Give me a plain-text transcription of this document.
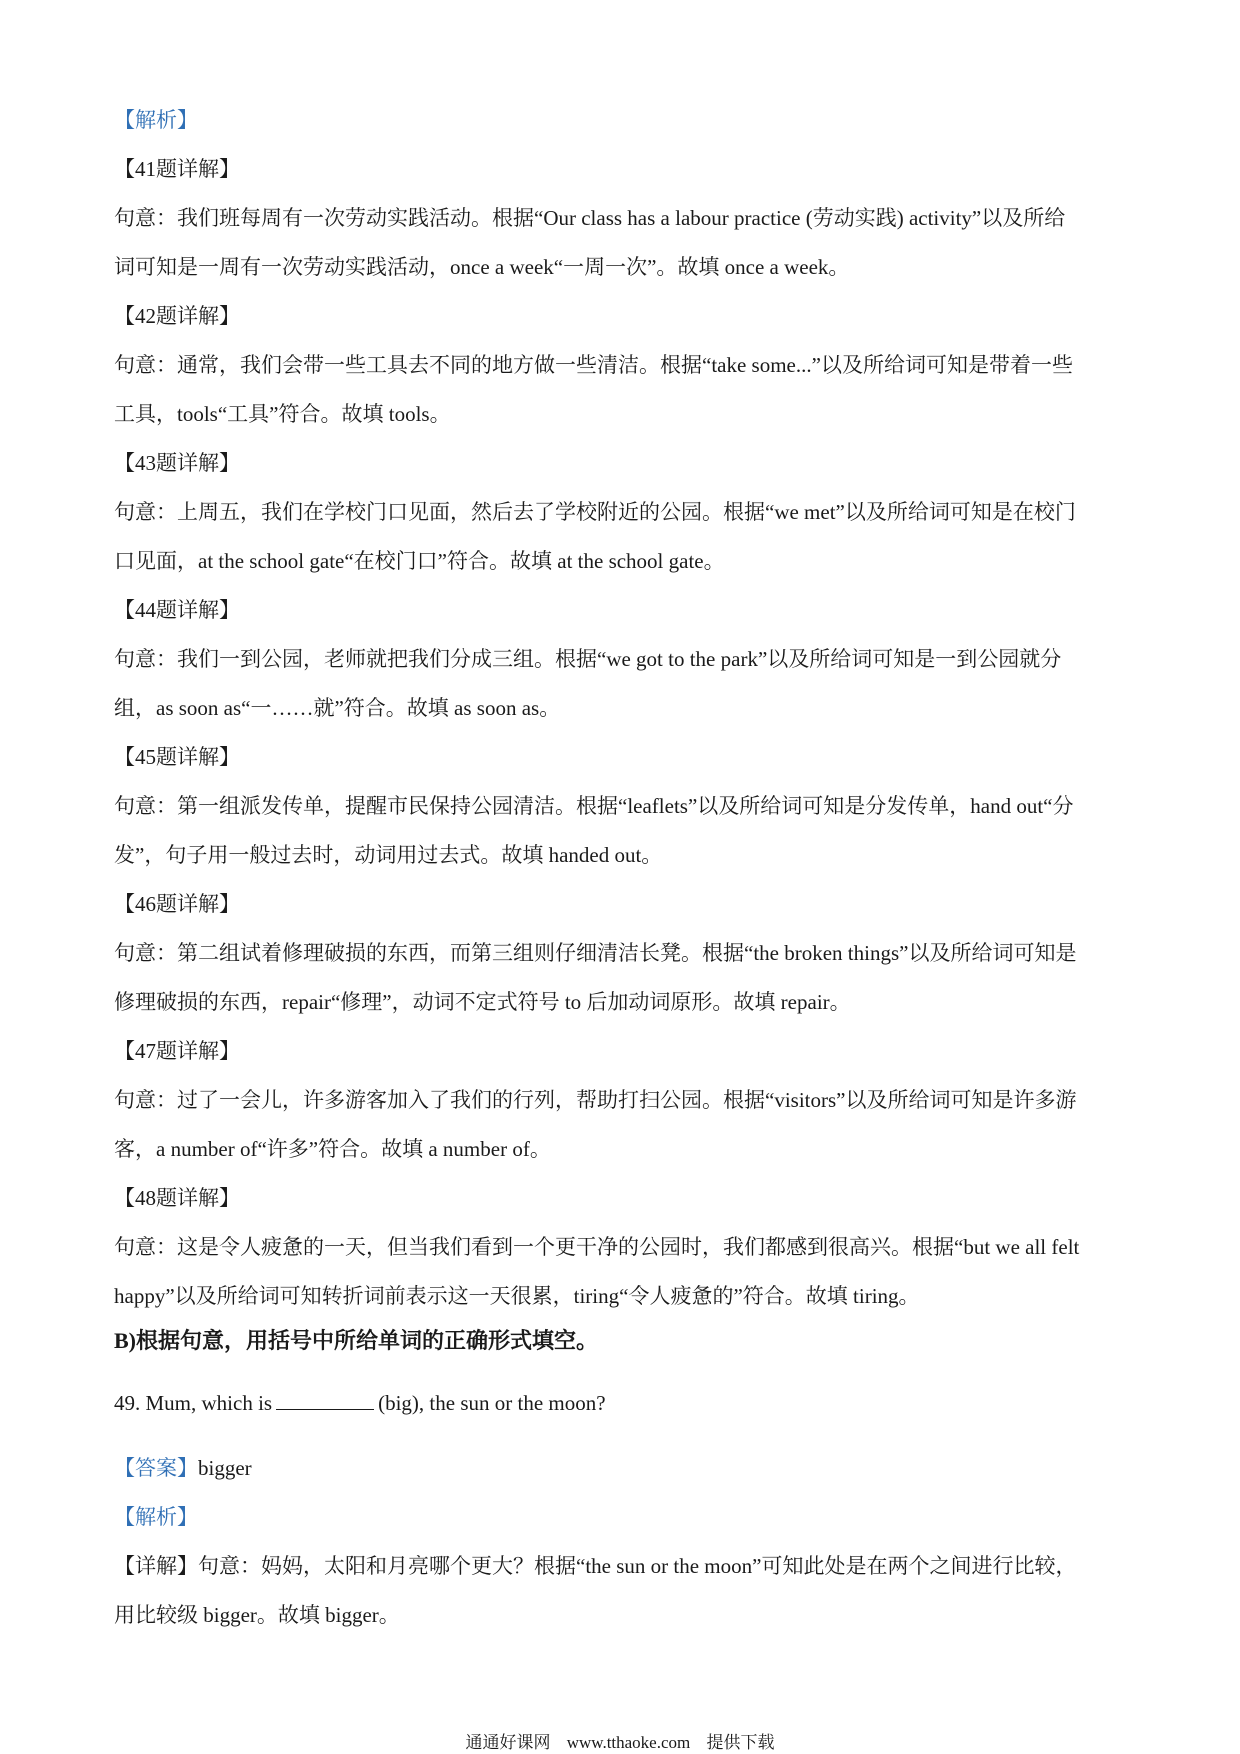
【解析】

【41题详解】

句意：我们班每周有一次劳动实践活动。根据“Our class has a labour practice (劳动实践) activity”以及所给

词可知是一周有一次劳动实践活动，once a week“一周一次”。故填 once a week。

【42题详解】

句意：通常，我们会带一些工具去不同的地方做一些清洁。根据“take some...”以及所给词可知是带着一些

工具，tools“工具”符合。故填 tools。

【43题详解】

句意：上周五，我们在学校门口见面，然后去了学校附近的公园。根据“we met”以及所给词可知是在校门

口见面，at the school gate“在校门口”符合。故填 at the school gate。

【44题详解】

句意：我们一到公园，老师就把我们分成三组。根据“we got to the park”以及所给词可知是一到公园就分

组，as soon as“一……就”符合。故填 as soon as。

【45题详解】

句意：第一组派发传单，提醒市民保持公园清洁。根据“leaflets”以及所给词可知是分发传单，hand out“分

发”，句子用一般过去时，动词用过去式。故填 handed out。

【46题详解】

句意：第二组试着修理破损的东西，而第三组则仔细清洁长凳。根据“the broken things”以及所给词可知是

修理破损的东西，repair“修理”，动词不定式符号 to 后加动词原形。故填 repair。

【47题详解】

句意：过了一会儿，许多游客加入了我们的行列，帮助打扫公园。根据“visitors”以及所给词可知是许多游

客，a number of“许多”符合。故填 a number of。

【48题详解】

句意：这是令人疲惫的一天，但当我们看到一个更干净的公园时，我们都感到很高兴。根据“but we all felt

happy”以及所给词可知转折词前表示这一天很累，tiring“令人疲惫的”符合。故填 tiring。

B)根据句意，用括号中所给单词的正确形式填空。

49. Mum, which is	(big), the sun or the moon?

【答案】bigger

【解析】

【详解】句意：妈妈，太阳和月亮哪个更大？根据“the sun or the moon”可知此处是在两个之间进行比较，

用比较级 bigger。故填 bigger。

通通好课网 www.tthaoke.com 提供下载
